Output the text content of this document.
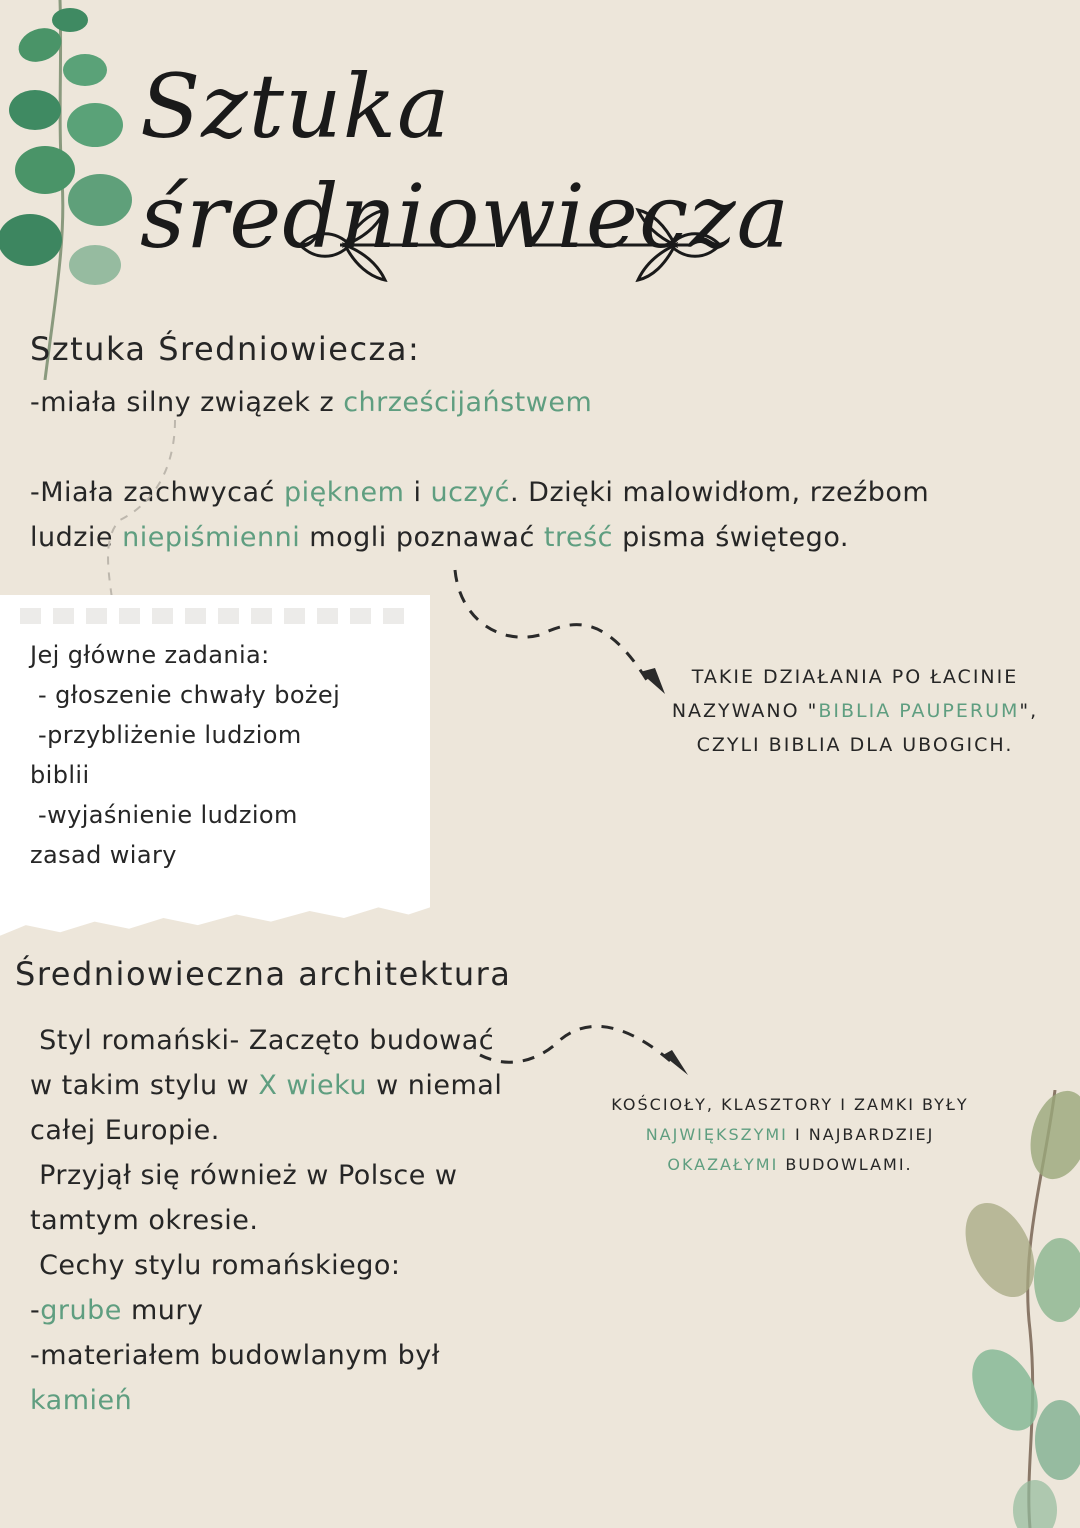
Sztuka średniowiecza
Sztuka Średniowiecza:
-miała silny związek z chrześcijaństwem
-Miała zachwycać pięknem i uczyć. Dzięki malowidłom, rzeźbom
ludzie niepiśmienni mogli poznawać treść pisma świętego.
Jej główne zadania:
- głoszenie chwały bożej
-przybliżenie ludziom
biblii
-wyjaśnienie ludziom
zasad wiary
TAKIE DZIAŁANIA PO ŁACINIE
NAZYWANO "BIBLIA PAUPERUM",
CZYLI BIBLIA DLA UBOGICH.
Średniowieczna architektura
Styl romański- Zaczęto budować
w takim stylu w X wieku w niemal
całej Europie.
Przyjął się również w Polsce w
tamtym okresie.
Cechy stylu romańskiego:
-grube mury
-materiałem budowlanym był kamień
KOŚCIOŁY, KLASZTORY I ZAMKI BYŁY
NAJWIĘKSZYMI I NAJBARDZIEJ
OKAZAŁYMI BUDOWLAMI.
